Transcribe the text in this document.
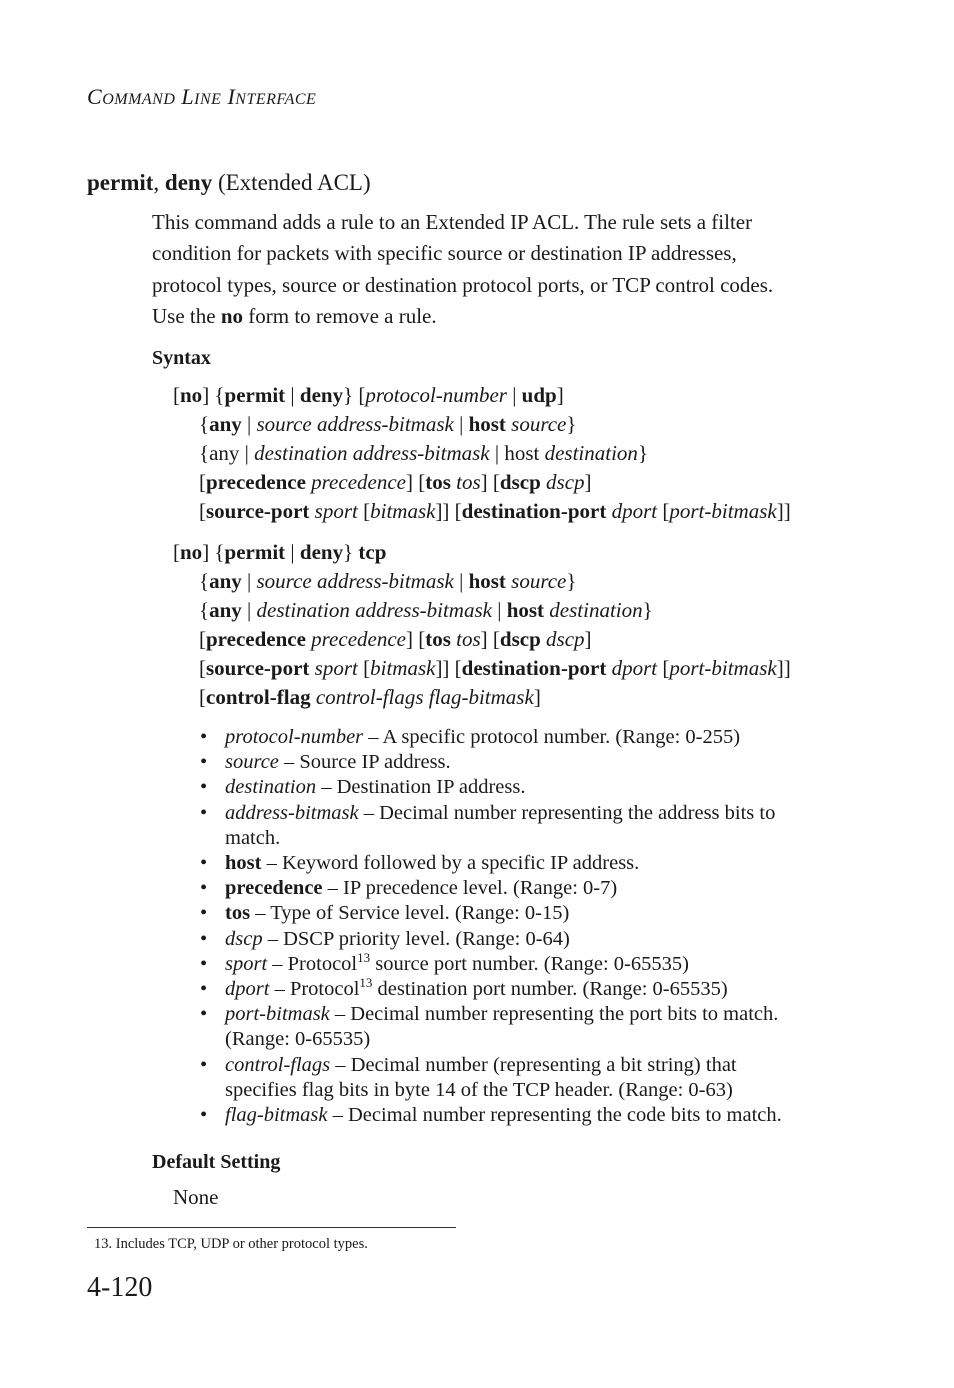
COMMAND LINE INTERFACE
permit, deny (Extended ACL)
This command adds a rule to an Extended IP ACL. The rule sets a filter
condition for packets with specific source or destination IP addresses,
protocol types, source or destination protocol ports, or TCP control codes.
Use the no form to remove a rule.
Syntax
[no] {permit | deny} [protocol-number | udp]
{any | source address-bitmask | host source}
{any | destination address-bitmask | host destination}
[precedence precedence] [tos tos] [dscp dscp]
[source-port sport [bitmask]] [destination-port dport [port-bitmask]]
[no] {permit | deny} tcp
{any | source address-bitmask | host source}
{any | destination address-bitmask | host destination}
[precedence precedence] [tos tos] [dscp dscp]
[source-port sport [bitmask]] [destination-port dport [port-bitmask]]
[control-flag control-flags flag-bitmask]
• protocol-number – A specific protocol number. (Range: 0-255)
• source – Source IP address.
• destination – Destination IP address.
• address-bitmask – Decimal number representing the address bits to
match.
• host – Keyword followed by a specific IP address.
• precedence – IP precedence level. (Range: 0-7)
• tos – Type of Service level. (Range: 0-15)
• dscp – DSCP priority level. (Range: 0-64)
• sport – Protocol$^{13}$ source port number. (Range: 0-65535)
• dport – Protocol$^{13}$ destination port number. (Range: 0-65535)
• port-bitmask – Decimal number representing the port bits to match.
(Range: 0-65535)
• control-flags – Decimal number (representing a bit string) that
specifies flag bits in byte 14 of the TCP header. (Range: 0-63)
• flag-bitmask – Decimal number representing the code bits to match.
Default Setting
None
13. Includes TCP, UDP or other protocol types.
4-120
